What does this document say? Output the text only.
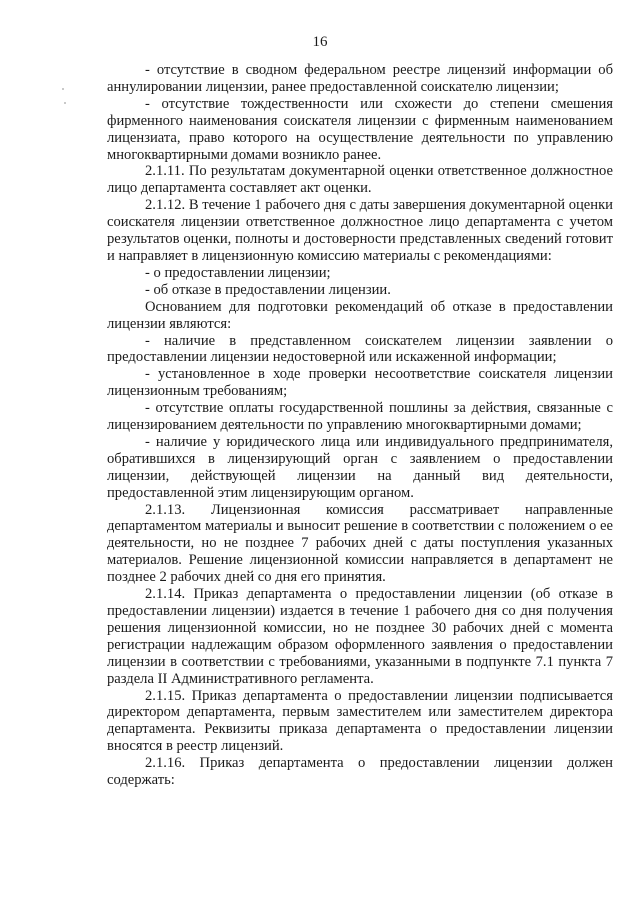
16

- отсутствие в сводном федеральном реестре лицензий информации об аннулировании лицензии, ранее предоставленной соискателю лицензии;

- отсутствие тождественности или схожести до степени смешения фирменного наименования соискателя лицензии с фирменным наименованием лицензиата, право которого на осуществление деятельности по управлению многоквартирными домами возникло ранее.

2.1.11. По результатам документарной оценки ответственное должностное лицо департамента составляет акт оценки.

2.1.12. В течение 1 рабочего дня с даты завершения документарной оценки соискателя лицензии ответственное должностное лицо департамента с учетом результатов оценки, полноты и достоверности представленных сведений готовит и направляет в лицензионную комиссию материалы с рекомендациями:

- о предоставлении лицензии;

- об отказе в предоставлении лицензии.

Основанием для подготовки рекомендаций об отказе в предоставлении лицензии являются:

- наличие в представленном соискателем лицензии заявлении о предоставлении лицензии недостоверной или искаженной информации;

- установленное в ходе проверки несоответствие соискателя лицензии лицензионным требованиям;

- отсутствие оплаты государственной пошлины за действия, связанные с лицензированием деятельности по управлению многоквартирными домами;

- наличие у юридического лица или индивидуального предпринимателя, обратившихся в лицензирующий орган с заявлением о предоставлении лицензии, действующей лицензии на данный вид деятельности, предоставленной этим лицензирующим органом.

2.1.13. Лицензионная комиссия рассматривает направленные департаментом материалы и выносит решение в соответствии с положением о ее деятельности, но не позднее 7 рабочих дней с даты поступления указанных материалов. Решение лицензионной комиссии направляется в департамент не позднее 2 рабочих дней со дня его принятия.

2.1.14. Приказ департамента о предоставлении лицензии (об отказе в предоставлении лицензии) издается в течение 1 рабочего дня со дня получения решения лицензионной комиссии, но не позднее 30 рабочих дней с момента регистрации надлежащим образом оформленного заявления о предоставлении лицензии в соответствии с требованиями, указанными в подпункте 7.1 пункта 7 раздела II Административного регламента.

2.1.15. Приказ департамента о предоставлении лицензии подписывается директором департамента, первым заместителем или заместителем директора департамента. Реквизиты приказа департамента о предоставлении лицензии вносятся в реестр лицензий.

2.1.16. Приказ департамента о предоставлении лицензии должен содержать:
